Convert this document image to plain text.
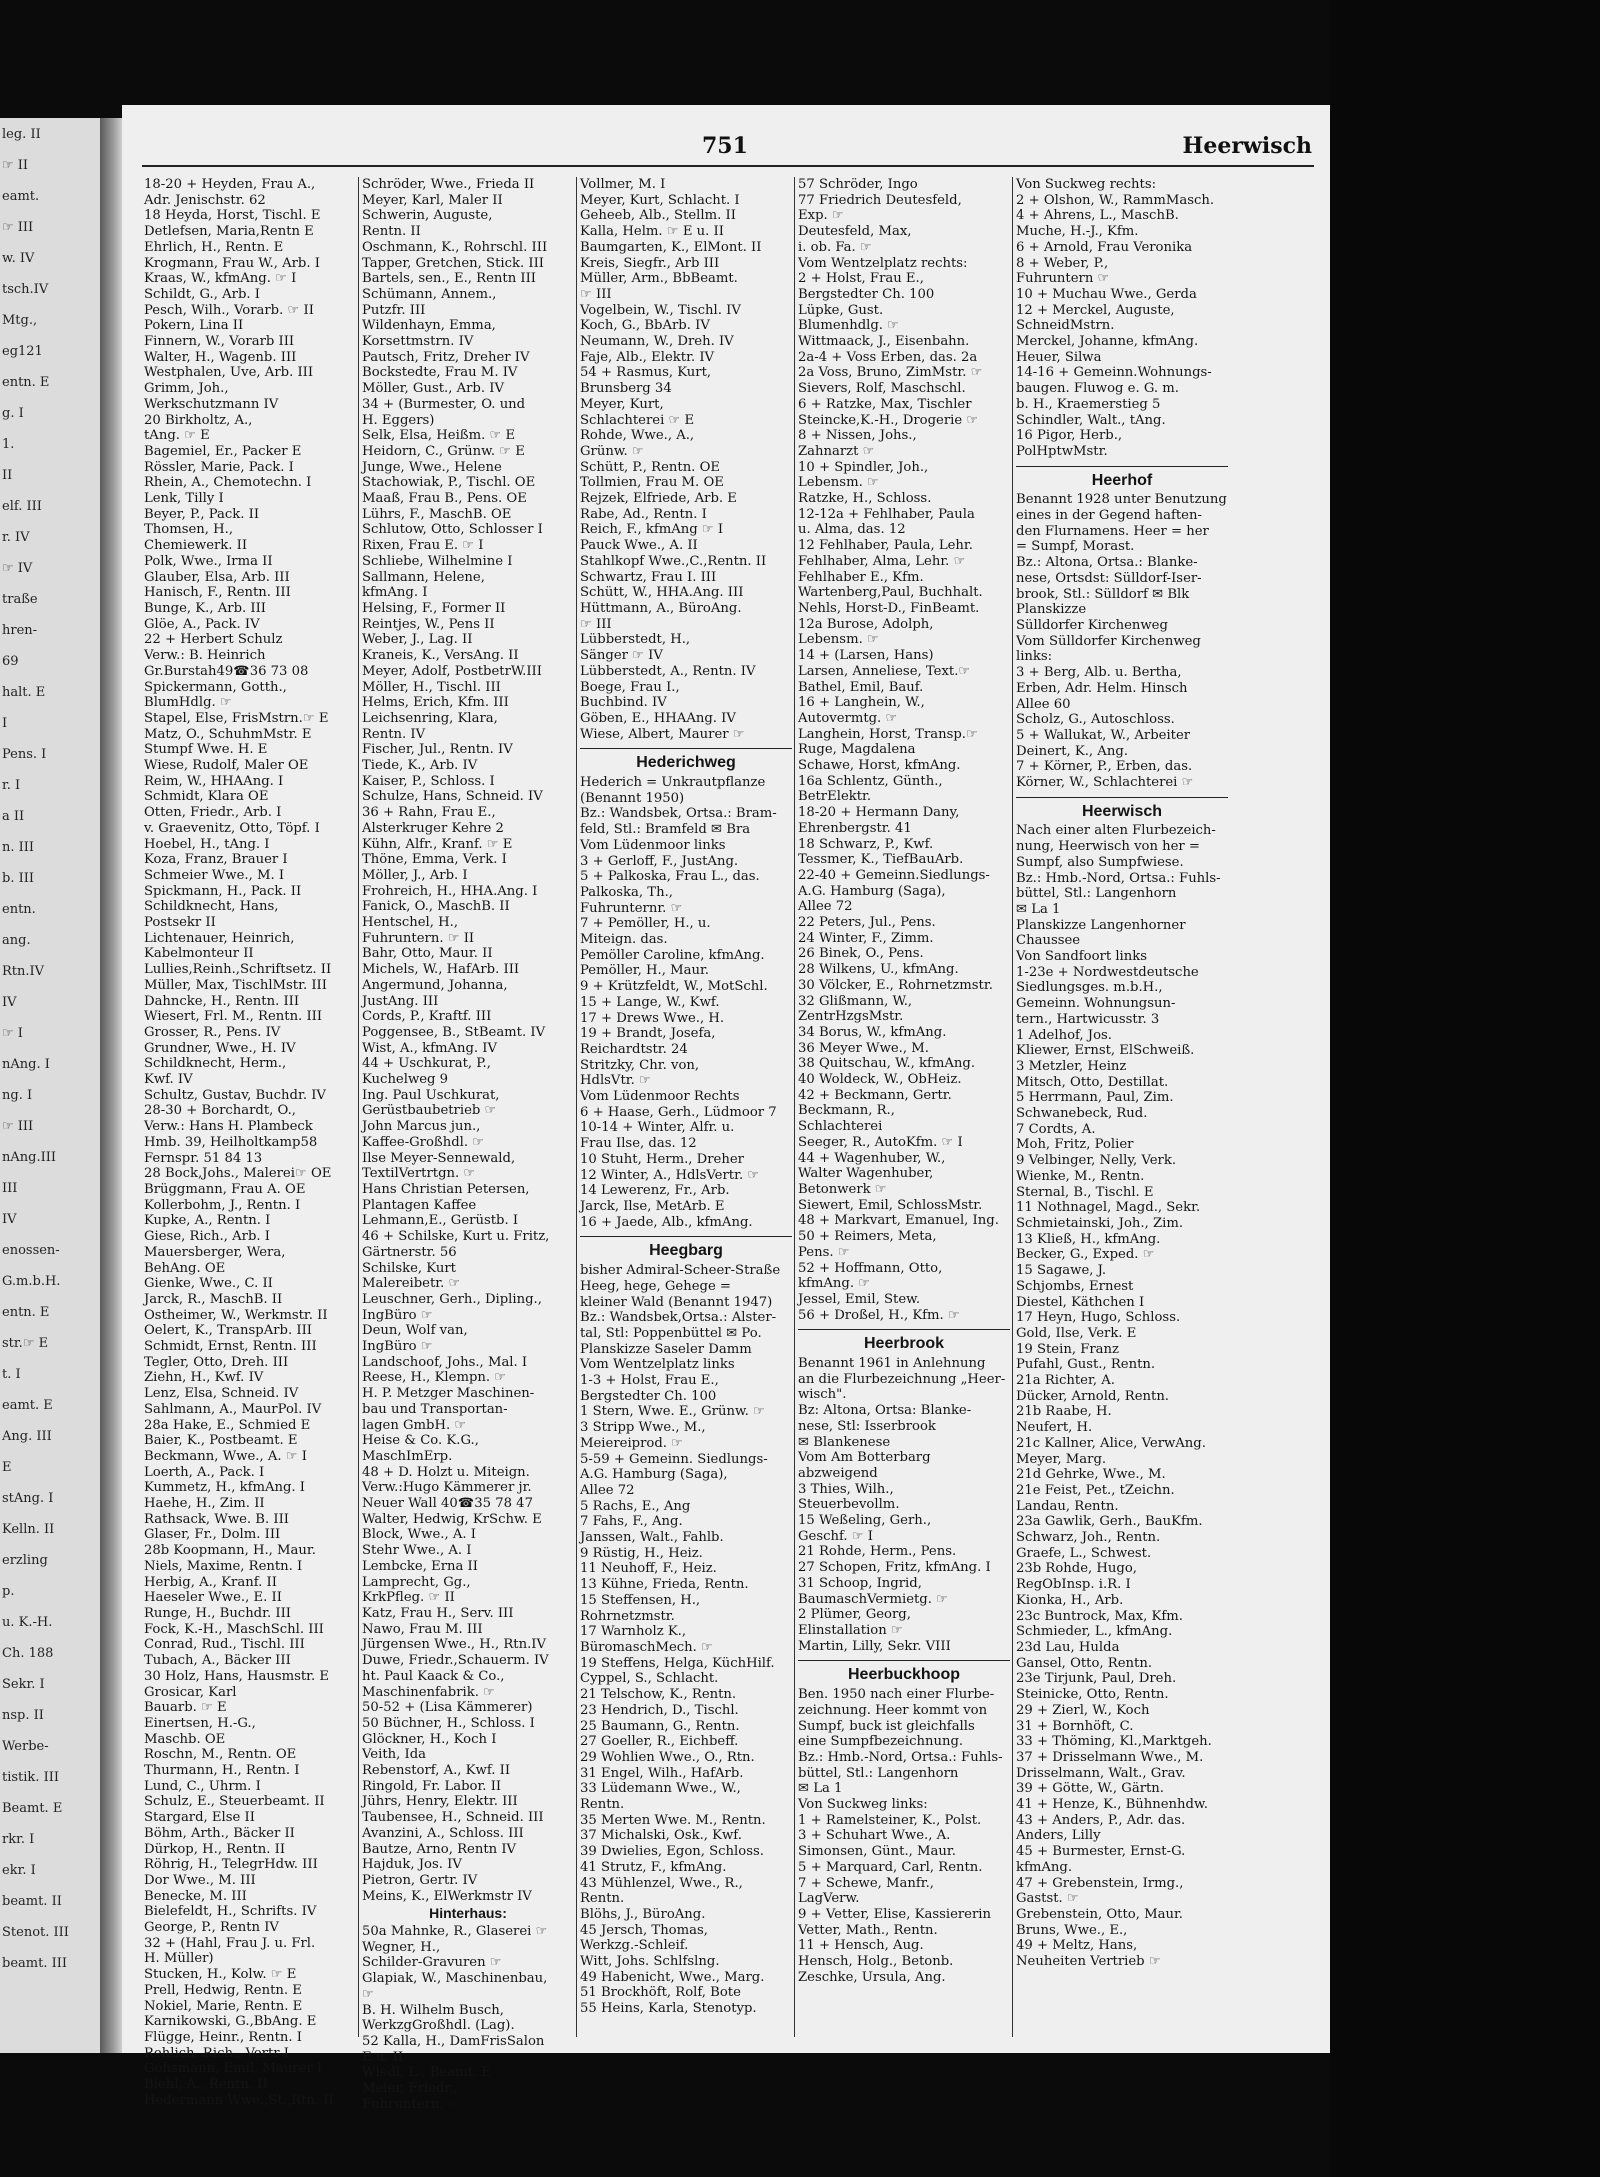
leg. II
☞ II
eamt.
☞ III
w. IV
tsch.IV
Mtg.,
eg121
entn. E
g. I
1.
II
elf. III
r. IV
☞ IV
traße
hren-
69
halt. E
I
Pens. I
r. I
a II
n. III
b. III
entn.
ang.
Rtn.IV
IV
☞ I
nAng. I
ng. I
☞ III
nAng.III
III
IV
enossen-
G.m.b.H.
entn. E
str.☞ E
t. I
eamt. E
Ang. III
E
stAng. I
Kelln. II
erzling
p.
u. K.-H.
Ch. 188
Sekr. I
nsp. II
Werbe-
tistik. III
Beamt. E
rkr. I
ekr. I
beamt. II
Stenot. III
beamt. III
751	Heerwisch
18-20 + Heyden, Frau A.,
Adr. Jenischstr. 62
18 Heyda, Horst, Tischl. E
Detlefsen, Maria,Rentn E
Ehrlich, H., Rentn. E
Krogmann, Frau W., Arb. I
Kraas, W., kfmAng. ☞ I
Schildt, G., Arb. I
Pesch, Wilh., Vorarb. ☞ II
Pokern, Lina II
Finnern, W., Vorarb III
Walter, H., Wagenb. III
Westphalen, Uve, Arb. III
Grimm, Joh.,
Werkschutzmann IV
20 Birkholtz, A.,
tAng. ☞ E
Bagemiel, Er., Packer E
Rössler, Marie, Pack. I
Rhein, A., Chemotechn. I
Lenk, Tilly I
Beyer, P., Pack. II
Thomsen, H.,
Chemiewerk. II
Polk, Wwe., Irma II
Glauber, Elsa, Arb. III
Hanisch, F., Rentn. III
Bunge, K., Arb. III
Glöe, A., Pack. IV
22 + Herbert Schulz
Verw.: B. Heinrich
Gr.Burstah49☎36 73 08
Spickermann, Gotth.,
BlumHdlg. ☞
Stapel, Else, FrisMstrn.☞ E
Matz, O., SchuhmMstr. E
Stumpf Wwe. H. E
Wiese, Rudolf, Maler OE
Reim, W., HHAAng. I
Schmidt, Klara OE
Otten, Friedr., Arb. I
v. Graevenitz, Otto, Töpf. I
Hoebel, H., tAng. I
Koza, Franz, Brauer I
Schmeier Wwe., M. I
Spickmann, H., Pack. II
Schildknecht, Hans,
Postsekr II
Lichtenauer, Heinrich,
Kabelmonteur II
Lullies,Reinh.,Schriftsetz. II
Müller, Max, TischlMstr. III
Dahncke, H., Rentn. III
Wiesert, Frl. M., Rentn. III
Grosser, R., Pens. IV
Grundner, Wwe., H. IV
Schildknecht, Herm.,
Kwf. IV
Schultz, Gustav, Buchdr. IV
28-30 + Borchardt, O.,
Verw.: Hans H. Plambeck
Hmb. 39, Heilholtkamp58
Fernspr. 51 84 13
28 Bock,Johs., Malerei☞ OE
Brüggmann, Frau A. OE
Kollerbohm, J., Rentn. I
Kupke, A., Rentn. I
Giese, Rich., Arb. I
Mauersberger, Wera,
BehAng. OE
Gienke, Wwe., C. II
Jarck, R., MaschB. II
Ostheimer, W., Werkmstr. II
Oelert, K., TranspArb. III
Schmidt, Ernst, Rentn. III
Tegler, Otto, Dreh. III
Ziehn, H., Kwf. IV
Lenz, Elsa, Schneid. IV
Sahlmann, A., MaurPol. IV
28a Hake, E., Schmied E
Baier, K., Postbeamt. E
Beckmann, Wwe., A. ☞ I
Loerth, A., Pack. I
Kummetz, H., kfmAng. I
Haehe, H., Zim. II
Rathsack, Wwe. B. III
Glaser, Fr., Dolm. III
28b Koopmann, H., Maur.
Niels, Maxime, Rentn. I
Herbig, A., Kranf. II
Haeseler Wwe., E. II
Runge, H., Buchdr. III
Fock, K.-H., MaschSchl. III
Conrad, Rud., Tischl. III
Tubach, A., Bäcker III
30 Holz, Hans, Hausmstr. E
Grosicar, Karl
Bauarb. ☞ E
Einertsen, H.-G.,
Maschb. OE
Roschn, M., Rentn. OE
Thurmann, H., Rentn. I
Lund, C., Uhrm. I
Schulz, E., Steuerbeamt. II
Stargard, Else II
Böhm, Arth., Bäcker II
Dürkop, H., Rentn. II
Röhrig, H., TelegrHdw. III
Dor Wwe., M. III
Benecke, M. III
Bielefeldt, H., Schrifts. IV
George, P., Rentn IV
32 + (Hahl, Frau J. u. Frl.
H. Müller)
Stucken, H., Kolw. ☞ E
Prell, Hedwig, Rentn. E
Nokiel, Marie, Rentn. E
Karnikowski, G.,BbAng. E
Flügge, Heinr., Rentn. I
Rehlich, Rich., Vertr I
Gohsmann, Emil, Maurer I
Biehl, A., Rentn. II
Hedermann Wwe.,St.,Rtn. II
Schröder, Wwe., Frieda II
Meyer, Karl, Maler II
Schwerin, Auguste,
Rentn. II
Oschmann, K., Rohrschl. III
Tapper, Gretchen, Stick. III
Bartels, sen., E., Rentn III
Schümann, Annem.,
Putzfr. III
Wildenhayn, Emma,
Korsettmstrn. IV
Pautsch, Fritz, Dreher IV
Bockstedte, Frau M. IV
Möller, Gust., Arb. IV
34 + (Burmester, O. und
H. Eggers)
Selk, Elsa, Heißm. ☞ E
Heidorn, C., Grünw. ☞ E
Junge, Wwe., Helene
Stachowiak, P., Tischl. OE
Maaß, Frau B., Pens. OE
Lührs, F., MaschB. OE
Schlutow, Otto, Schlosser I
Rixen, Frau E. ☞ I
Schliebe, Wilhelmine I
Sallmann, Helene,
kfmAng. I
Helsing, F., Former II
Reintjes, W., Pens II
Weber, J., Lag. II
Kraneis, K., VersAng. II
Meyer, Adolf, PostbetrW.III
Möller, H., Tischl. III
Helms, Erich, Kfm. III
Leichsenring, Klara,
Rentn. IV
Fischer, Jul., Rentn. IV
Tiede, K., Arb. IV
Kaiser, P., Schloss. I
Schulze, Hans, Schneid. IV
36 + Rahn, Frau E.,
Alsterkruger Kehre 2
Kühn, Alfr., Kranf. ☞ E
Thöne, Emma, Verk. I
Möller, J., Arb. I
Frohreich, H., HHA.Ang. I
Fanick, O., MaschB. II
Hentschel, H.,
Fuhruntern. ☞ II
Bahr, Otto, Maur. II
Michels, W., HafArb. III
Angermund, Johanna,
JustAng. III
Cords, P., Kraftf. III
Poggensee, B., StBeamt. IV
Wist, A., kfmAng. IV
44 + Uschkurat, P.,
Kuchelweg 9
Ing. Paul Uschkurat,
Gerüstbaubetrieb ☞
John Marcus jun.,
Kaffee-Großhdl. ☞
Ilse Meyer-Sennewald,
TextilVertrtgn. ☞
Hans Christian Petersen,
Plantagen Kaffee
Lehmann,E., Gerüstb. I
46 + Schilske, Kurt u. Fritz,
Gärtnerstr. 56
Schilske, Kurt
Malereibetr. ☞
Leuschner, Gerh., Dipling.,
IngBüro ☞
Deun, Wolf van,
IngBüro ☞
Landschoof, Johs., Mal. I
Reese, H., Klempn. ☞
H. P. Metzger Maschinen-
bau und Transportan-
lagen GmbH. ☞
Heise & Co. K.G.,
MaschImErp.
48 + D. Holzt u. Miteign.
Verw.:Hugo Kämmerer jr.
Neuer Wall 40☎35 78 47
Walter, Hedwig, KrSchw. E
Block, Wwe., A. I
Stehr Wwe., A. I
Lembcke, Erna II
Lamprecht, Gg.,
KrkPfleg. ☞ II
Katz, Frau H., Serv. III
Nawo, Frau M. III
Jürgensen Wwe., H., Rtn.IV
Duwe, Friedr.,Schauerm. IV
ht. Paul Kaack & Co.,
Maschinenfabrik. ☞
50-52 + (Lisa Kämmerer)
50 Büchner, H., Schloss. I
Glöckner, H., Koch I
Veith, Ida
Rebenstorf, A., Kwf. II
Ringold, Fr. Labor. II
Jührs, Henry, Elektr. III
Taubensee, H., Schneid. III
Avanzini, A., Schloss. III
Bautze, Arno, Rentn IV
Hajduk, Jos. IV
Pietron, Gertr. IV
Meins, K., ElWerkmstr IV
Hinterhaus:
50a Mahnke, R., Glaserei ☞
Wegner, H.,
Schilder-Gravuren ☞
Glapiak, W., Maschinenbau,
☞
B. H. Wilhelm Busch,
WerkzgGroßhdl. (Lag).
52 Kalla, H., DamFrisSalon
E u. II
Wiedl, L., Beamt. E
Meier, Friedr.,
Fuhruntern. ☞
Vollmer, M. I
Meyer, Kurt, Schlacht. I
Geheeb, Alb., Stellm. II
Kalla, Helm. ☞ E u. II
Baumgarten, K., ElMont. II
Kreis, Siegfr., Arb III
Müller, Arm., BbBeamt.
☞ III
Vogelbein, W., Tischl. IV
Koch, G., BbArb. IV
Neumann, W., Dreh. IV
Faje, Alb., Elektr. IV
54 + Rasmus, Kurt,
Brunsberg 34
Meyer, Kurt,
Schlachterei ☞ E
Rohde, Wwe., A.,
Grünw. ☞
Schütt, P., Rentn. OE
Tollmien, Frau M. OE
Rejzek, Elfriede, Arb. E
Rabe, Ad., Rentn. I
Reich, F., kfmAng ☞ I
Pauck Wwe., A. II
Stahlkopf Wwe.,C.,Rentn. II
Schwartz, Frau I. III
Schütt, W., HHA.Ang. III
Hüttmann, A., BüroAng.
☞ III
Lübberstedt, H.,
Sänger ☞ IV
Lübberstedt, A., Rentn. IV
Boege, Frau I.,
Buchbind. IV
Göben, E., HHAAng. IV
Wiese, Albert, Maurer ☞
Hederichweg
Hederich = Unkrautpflanze
(Benannt 1950)
Bz.: Wandsbek, Ortsa.: Bram-
feld, Stl.: Bramfeld ✉ Bra
Vom Lüdenmoor links
3 + Gerloff, F., JustAng.
5 + Palkoska, Frau L., das.
Palkoska, Th.,
Fuhrunternr. ☞
7 + Pemöller, H., u.
Miteign. das.
Pemöller Caroline, kfmAng.
Pemöller, H., Maur.
9 + Krützfeldt, W., MotSchl.
15 + Lange, W., Kwf.
17 + Drews Wwe., H.
19 + Brandt, Josefa,
Reichardtstr. 24
Stritzky, Chr. von,
HdlsVtr. ☞
Vom Lüdenmoor Rechts
6 + Haase, Gerh., Lüdmoor 7
10-14 + Winter, Alfr. u.
Frau Ilse, das. 12
10 Stuht, Herm., Dreher
12 Winter, A., HdlsVertr. ☞
14 Lewerenz, Fr., Arb.
Jarck, Ilse, MetArb. E
16 + Jaede, Alb., kfmAng.
Heegbarg
bisher Admiral-Scheer-Straße
Heeg, hege, Gehege =
kleiner Wald (Benannt 1947)
Bz.: Wandsbek,Ortsa.: Alster-
tal, Stl: Poppenbüttel ✉ Po.
Planskizze Saseler Damm
Vom Wentzelplatz links
1-3 + Holst, Frau E.,
Bergstedter Ch. 100
1 Stern, Wwe. E., Grünw. ☞
3 Stripp Wwe., M.,
Meiereiprod. ☞
5-59 + Gemeinn. Siedlungs-
A.G. Hamburg (Saga),
Allee 72
5 Rachs, E., Ang
7 Fahs, F., Ang.
Janssen, Walt., Fahlb.
9 Rüstig, H., Heiz.
11 Neuhoff, F., Heiz.
13 Kühne, Frieda, Rentn.
15 Steffensen, H.,
Rohrnetzmstr.
17 Warnholz K.,
BüromaschMech. ☞
19 Steffens, Helga, KüchHilf.
Cyppel, S., Schlacht.
21 Telschow, K., Rentn.
23 Hendrich, D., Tischl.
25 Baumann, G., Rentn.
27 Goeller, R., Eichbeff.
29 Wohlien Wwe., O., Rtn.
31 Engel, Wilh., HafArb.
33 Lüdemann Wwe., W.,
Rentn.
35 Merten Wwe. M., Rentn.
37 Michalski, Osk., Kwf.
39 Dwielies, Egon, Schloss.
41 Strutz, F., kfmAng.
43 Mühlenzel, Wwe., R.,
Rentn.
Blöhs, J., BüroAng.
45 Jersch, Thomas,
Werkzg.-Schleif.
Witt, Johs. Schlfslng.
49 Habenicht, Wwe., Marg.
51 Brockhöft, Rolf, Bote
55 Heins, Karla, Stenotyp.
57 Schröder, Ingo
77 Friedrich Deutesfeld,
Exp. ☞
Deutesfeld, Max,
i. ob. Fa. ☞
Vom Wentzelplatz rechts:
2 + Holst, Frau E.,
Bergstedter Ch. 100
Lüpke, Gust.
Blumenhdlg. ☞
Wittmaack, J., Eisenbahn.
2a-4 + Voss Erben, das. 2a
2a Voss, Bruno, ZimMstr. ☞
Sievers, Rolf, Maschschl.
6 + Ratzke, Max, Tischler
Steincke,K.-H., Drogerie ☞
8 + Nissen, Johs.,
Zahnarzt ☞
10 + Spindler, Joh.,
Lebensm. ☞
Ratzke, H., Schloss.
12-12a + Fehlhaber, Paula
u. Alma, das. 12
12 Fehlhaber, Paula, Lehr.
Fehlhaber, Alma, Lehr. ☞
Fehlhaber E., Kfm.
Wartenberg,Paul, Buchhalt.
Nehls, Horst-D., FinBeamt.
12a Burose, Adolph,
Lebensm. ☞
14 + (Larsen, Hans)
Larsen, Anneliese, Text.☞
Bathel, Emil, Bauf.
16 + Langhein, W.,
Autovermtg. ☞
Langhein, Horst, Transp.☞
Ruge, Magdalena
Schawe, Horst, kfmAng.
16a Schlentz, Günth.,
BetrElektr.
18-20 + Hermann Dany,
Ehrenbergstr. 41
18 Schwarz, P., Kwf.
Tessmer, K., TiefBauArb.
22-40 + Gemeinn.Siedlungs-
A.G. Hamburg (Saga),
Allee 72
22 Peters, Jul., Pens.
24 Winter, F., Zimm.
26 Binek, O., Pens.
28 Wilkens, U., kfmAng.
30 Völcker, E., Rohrnetzmstr.
32 Glißmann, W.,
ZentrHzgsMstr.
34 Borus, W., kfmAng.
36 Meyer Wwe., M.
38 Quitschau, W., kfmAng.
40 Woldeck, W., ObHeiz.
42 + Beckmann, Gertr.
Beckmann, R.,
Schlachterei
Seeger, R., AutoKfm. ☞ I
44 + Wagenhuber, W.,
Walter Wagenhuber,
Betonwerk ☞
Siewert, Emil, SchlossMstr.
48 + Markvart, Emanuel, Ing.
50 + Reimers, Meta,
Pens. ☞
52 + Hoffmann, Otto,
kfmAng. ☞
Jessel, Emil, Stew.
56 + Droßel, H., Kfm. ☞
Heerbrook
Benannt 1961 in Anlehnung
an die Flurbezeichnung „Heer-
wisch".
Bz: Altona, Ortsa: Blanke-
nese, Stl: Isserbrook
✉ Blankenese
Vom Am Botterbarg
abzweigend
3 Thies, Wilh.,
Steuerbevollm.
15 Weßeling, Gerh.,
Geschf. ☞ I
21 Rohde, Herm., Pens.
27 Schopen, Fritz, kfmAng. I
31 Schoop, Ingrid,
BaumaschVermietg. ☞
2 Plümer, Georg,
Elinstallation ☞
Martin, Lilly, Sekr. VIII
Heerbuckhoop
Ben. 1950 nach einer Flurbe-
zeichnung. Heer kommt von
Sumpf, buck ist gleichfalls
eine Sumpfbezeichnung.
Bz.: Hmb.-Nord, Ortsa.: Fuhls-
büttel, Stl.: Langenhorn
✉ La 1
Von Suckweg links:
1 + Ramelsteiner, K., Polst.
3 + Schuhart Wwe., A.
Simonsen, Günt., Maur.
5 + Marquard, Carl, Rentn.
7 + Schewe, Manfr.,
LagVerw.
9 + Vetter, Elise, Kassiererin
Vetter, Math., Rentn.
11 + Hensch, Aug.
Hensch, Holg., Betonb.
Zeschke, Ursula, Ang.
Von Suckweg rechts:
2 + Olshon, W., RammMasch.
4 + Ahrens, L., MaschB.
Muche, H.-J., Kfm.
6 + Arnold, Frau Veronika
8 + Weber, P.,
Fuhruntern ☞
10 + Muchau Wwe., Gerda
12 + Merckel, Auguste,
SchneidMstrn.
Merckel, Johanne, kfmAng.
Heuer, Silwa
14-16 + Gemeinn.Wohnungs-
baugen. Fluwog e. G. m.
b. H., Kraemerstieg 5
Schindler, Walt., tAng.
16 Pigor, Herb.,
PolHptwMstr.
Heerhof
Benannt 1928 unter Benutzung
eines in der Gegend haften-
den Flurnamens. Heer = her
= Sumpf, Morast.
Bz.: Altona, Ortsa.: Blanke-
nese, Ortsdst: Sülldorf-Iser-
brook, Stl.: Sülldorf ✉ Blk
Planskizze
Sülldorfer Kirchenweg
Vom Sülldorfer Kirchenweg
links:
3 + Berg, Alb. u. Bertha,
Erben, Adr. Helm. Hinsch
Allee 60
Scholz, G., Autoschloss.
5 + Wallukat, W., Arbeiter
Deinert, K., Ang.
7 + Körner, P., Erben, das.
Körner, W., Schlachterei ☞
Heerwisch
Nach einer alten Flurbezeich-
nung, Heerwisch von her =
Sumpf, also Sumpfwiese.
Bz.: Hmb.-Nord, Ortsa.: Fuhls-
büttel, Stl.: Langenhorn
✉ La 1
Planskizze Langenhorner
Chaussee
Von Sandfoort links
1-23e + Nordwestdeutsche
Siedlungsges. m.b.H.,
Gemeinn. Wohnungsun-
tern., Hartwicusstr. 3
1 Adelhof, Jos.
Kliewer, Ernst, ElSchweiß.
3 Metzler, Heinz
Mitsch, Otto, Destillat.
5 Herrmann, Paul, Zim.
Schwanebeck, Rud.
7 Cordts, A.
Moh, Fritz, Polier
9 Velbinger, Nelly, Verk.
Wienke, M., Rentn.
Sternal, B., Tischl. E
11 Nothnagel, Magd., Sekr.
Schmietainski, Joh., Zim.
13 Kließ, H., kfmAng.
Becker, G., Exped. ☞
15 Sagawe, J.
Schjombs, Ernest
Diestel, Käthchen I
17 Heyn, Hugo, Schloss.
Gold, Ilse, Verk. E
19 Stein, Franz
Pufahl, Gust., Rentn.
21a Richter, A.
Dücker, Arnold, Rentn.
21b Raabe, H.
Neufert, H.
21c Kallner, Alice, VerwAng.
Meyer, Marg.
21d Gehrke, Wwe., M.
21e Feist, Pet., tZeichn.
Landau, Rentn.
23a Gawlik, Gerh., BauKfm.
Schwarz, Joh., Rentn.
Graefe, L., Schwest.
23b Rohde, Hugo,
RegObInsp. i.R. I
Kionka, H., Arb.
23c Buntrock, Max, Kfm.
Schmieder, L., kfmAng.
23d Lau, Hulda
Gansel, Otto, Rentn.
23e Tirjunk, Paul, Dreh.
Steinicke, Otto, Rentn.
29 + Zierl, W., Koch
31 + Bornhöft, C.
33 + Thöming, Kl.,Marktgeh.
37 + Drisselmann Wwe., M.
Drisselmann, Walt., Grav.
39 + Götte, W., Gärtn.
41 + Henze, K., Bühnenhdw.
43 + Anders, P., Adr. das.
Anders, Lilly
45 + Burmester, Ernst-G.
kfmAng.
47 + Grebenstein, Irmg.,
Gastst. ☞
Grebenstein, Otto, Maur.
Bruns, Wwe., E.,
49 + Meltz, Hans,
Neuheiten Vertrieb ☞
